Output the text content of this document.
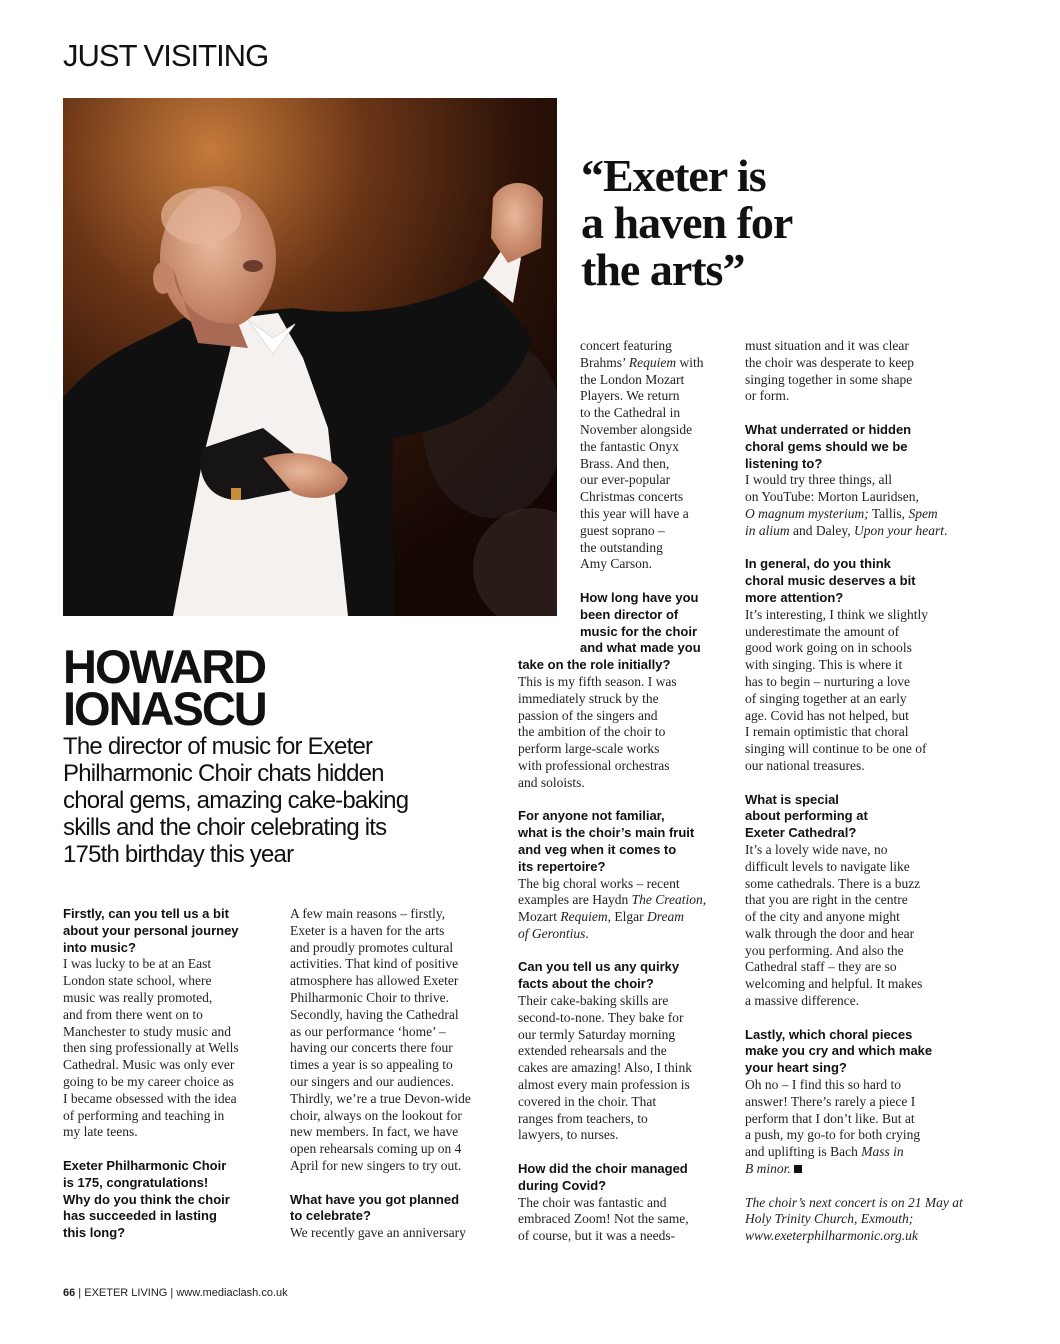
JUST VISITING
“Exeter is
a haven for
the arts”
HOWARD
IONASCU
The director of music for Exeter
Philharmonic Choir chats hidden
choral gems, amazing cake-baking
skills and the choir celebrating its
175th birthday this year
Firstly, can you tell us a bit
about your personal journey
into music?
I was lucky to be at an East
London state school, where
music was really promoted,
and from there went on to
Manchester to study music and
then sing professionally at Wells
Cathedral. Music was only ever
going to be my career choice as
I became obsessed with the idea
of performing and teaching in
my late teens.
Exeter Philharmonic Choir
is 175, congratulations!
Why do you think the choir
has succeeded in lasting
this long?
A few main reasons – firstly,
Exeter is a haven for the arts
and proudly promotes cultural
activities. That kind of positive
atmosphere has allowed Exeter
Philharmonic Choir to thrive.
Secondly, having the Cathedral
as our performance ‘home’ –
having our concerts there four
times a year is so appealing to
our singers and our audiences.
Thirdly, we’re a true Devon-wide
choir, always on the lookout for
new members. In fact, we have
open rehearsals coming up on 4
April for new singers to try out.
What have you got planned
to celebrate?
We recently gave an anniversary
concert featuring
Brahms’ Requiem with
the London Mozart
Players. We return
to the Cathedral in
November alongside
the fantastic Onyx
Brass. And then,
our ever-popular
Christmas concerts
this year will have a
guest soprano –
the outstanding
Amy Carson.
How long have you
been director of
music for the choir
and what made you
take on the role initially?
This is my fifth season. I was
immediately struck by the
passion of the singers and
the ambition of the choir to
perform large-scale works
with professional orchestras
and soloists.
For anyone not familiar,
what is the choir’s main fruit
and veg when it comes to
its repertoire?
The big choral works – recent
examples are Haydn The Creation,
Mozart Requiem, Elgar Dream
of Gerontius.
Can you tell us any quirky
facts about the choir?
Their cake-baking skills are
second-to-none. They bake for
our termly Saturday morning
extended rehearsals and the
cakes are amazing! Also, I think
almost every main profession is
covered in the choir. That
ranges from teachers, to
lawyers, to nurses.
How did the choir managed
during Covid?
The choir was fantastic and
embraced Zoom! Not the same,
of course, but it was a needs-
must situation and it was clear
the choir was desperate to keep
singing together in some shape
or form.
What underrated or hidden
choral gems should we be
listening to?
I would try three things, all
on YouTube: Morton Lauridsen,
O magnum mysterium; Tallis, Spem
in alium and Daley, Upon your heart.
In general, do you think
choral music deserves a bit
more attention?
It’s interesting, I think we slightly
underestimate the amount of
good work going on in schools
with singing. This is where it
has to begin – nurturing a love
of singing together at an early
age. Covid has not helped, but
I remain optimistic that choral
singing will continue to be one of
our national treasures.
What is special
about performing at
Exeter Cathedral?
It’s a lovely wide nave, no
difficult levels to navigate like
some cathedrals. There is a buzz
that you are right in the centre
of the city and anyone might
walk through the door and hear
you performing. And also the
Cathedral staff – they are so
welcoming and helpful. It makes
a massive difference.
Lastly, which choral pieces
make you cry and which make
your heart sing?
Oh no – I find this so hard to
answer! There’s rarely a piece I
perform that I don’t like. But at
a push, my go-to for both crying
and uplifting is Bach Mass in
B minor.
The choir’s next concert is on 21 May at
Holy Trinity Church, Exmouth;
www.exeterphilharmonic.org.uk
66 | EXETER LIVING | www.mediaclash.co.uk
